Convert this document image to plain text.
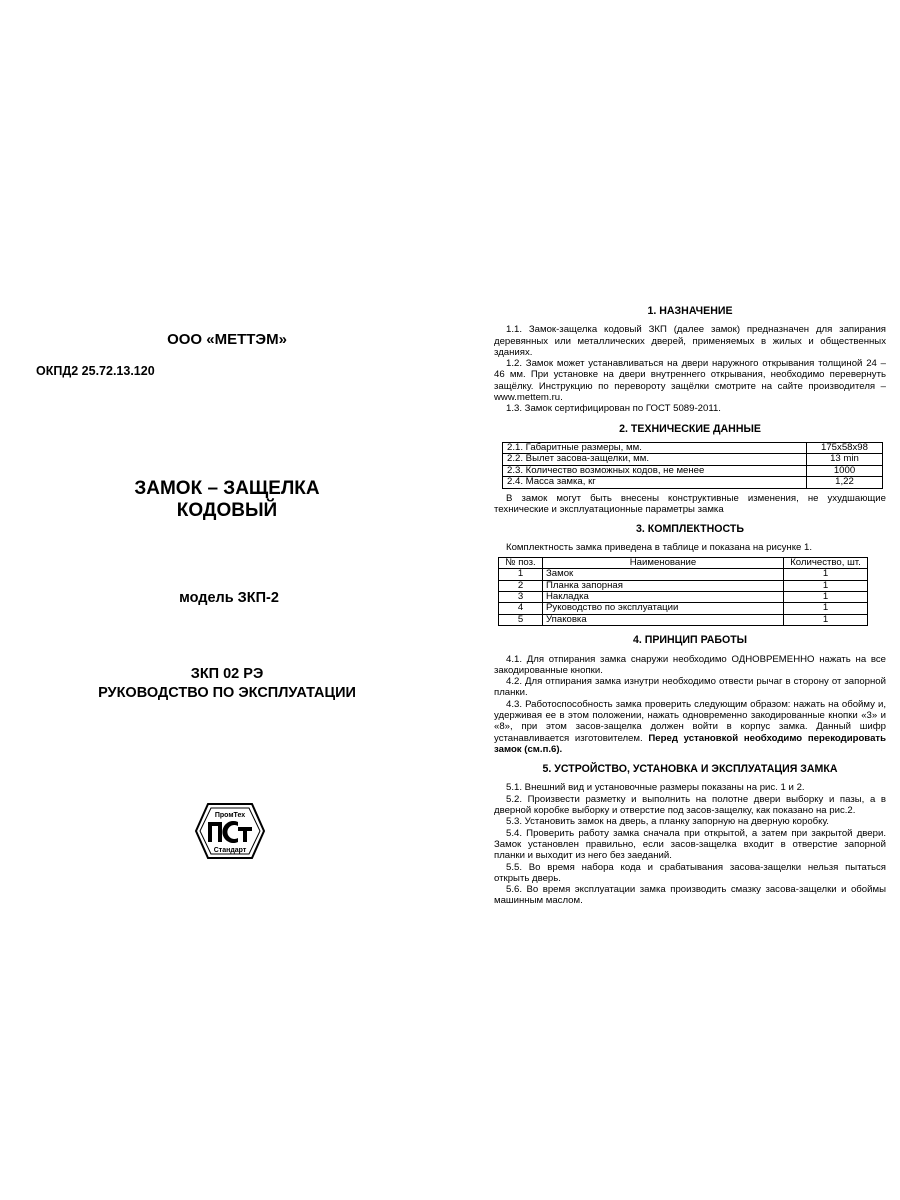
ООО «МЕТТЭМ»
ОКПД2 25.72.13.120
ЗАМОК – ЗАЩЕЛКА
КОДОВЫЙ
модель ЗКП-2
ЗКП 02 РЭ
РУКОВОДСТВО ПО ЭКСПЛУАТАЦИИ
ПромТех
Стандарт
1. НАЗНАЧЕНИЕ
1.1. Замок-защелка кодовый ЗКП (далее замок) предназначен для запирания деревянных или металлических дверей, применяемых в жилых и общественных зданиях.
1.2. Замок может устанавливаться на двери наружного открывания толщиной 24 – 46 мм. При установке на двери внутреннего открывания, необходимо перевернуть защёлку. Инструкцию по перевороту защёлки смотрите на сайте производителя – www.mettem.ru.
1.3. Замок сертифицирован по ГОСТ 5089-2011.
2. ТЕХНИЧЕСКИЕ ДАННЫЕ
2.1. Габаритные размеры, мм.	175х58х98
2.2. Вылет засова-защелки, мм.	13 min
2.3. Количество возможных кодов, не менее	1000
2.4. Масса замка, кг	1,22
В замок могут быть внесены конструктивные изменения, не ухудшающие технические и эксплуатационные параметры замка
3. КОМПЛЕКТНОСТЬ
Комплектность замка приведена в таблице и показана на рисунке 1.
№ поз.	Наименование	Количество, шт.
1	Замок	1
2	Планка запорная	1
3	Накладка	1
4	Руководство по эксплуатации	1
5	Упаковка	1
4. ПРИНЦИП РАБОТЫ
4.1. Для отпирания замка снаружи необходимо ОДНОВРЕМЕННО нажать на все закодированные кнопки.
4.2. Для отпирания замка изнутри необходимо отвести рычаг в сторону от запорной планки.
4.3. Работоспособность замка проверить следующим образом: нажать на обойму и, удерживая ее в этом положении, нажать одновременно закодированные кнопки «3» и «8», при этом засов-защелка должен войти в корпус замка. Данный шифр устанавливается изготовителем. Перед установкой необходимо перекодировать замок (см.п.6).
5. УСТРОЙСТВО, УСТАНОВКА И ЭКСПЛУАТАЦИЯ ЗАМКА
5.1. Внешний вид и установочные размеры показаны на рис. 1 и 2.
5.2. Произвести разметку и выполнить на полотне двери выборку и пазы, а в дверной коробке выборку и отверстие под засов-защелку, как показано на рис.2.
5.3. Установить замок на дверь, а планку запорную на дверную коробку.
5.4. Проверить работу замка сначала при открытой, а затем при закрытой двери. Замок установлен правильно, если засов-защелка входит в отверстие запорной планки и выходит из него без заеданий.
5.5. Во время набора кода и срабатывания засова-защелки нельзя пытаться открыть дверь.
5.6. Во время эксплуатации замка производить смазку засова-защелки и обоймы машинным маслом.
